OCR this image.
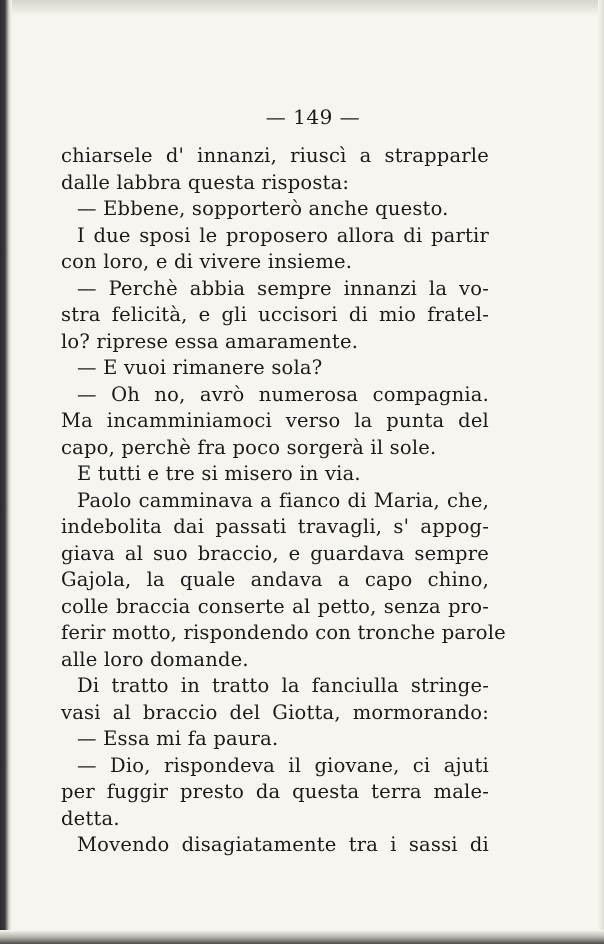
— 149 —
chiarsele d' innanzi, riuscì a strapparle
dalle labbra questa risposta:
— Ebbene, sopporterò anche questo.
I due sposi le proposero allora di partir
con loro, e di vivere insieme.
— Perchè abbia sempre innanzi la vo-
stra felicità, e gli uccisori di mio fratel-
lo? riprese essa amaramente.
— E vuoi rimanere sola?
— Oh no, avrò numerosa compagnia.
Ma incamminiamoci verso la punta del
capo, perchè fra poco sorgerà il sole.
E tutti e tre si misero in via.
Paolo camminava a fianco di Maria, che,
indebolita dai passati travagli, s' appog-
giava al suo braccio, e guardava sempre
Gajola, la quale andava a capo chino,
colle braccia conserte al petto, senza pro-
ferir motto, rispondendo con tronche parole
alle loro domande.
Di tratto in tratto la fanciulla stringe-
vasi al braccio del Giotta, mormorando:
— Essa mi fa paura.
— Dio, rispondeva il giovane, ci ajuti
per fuggir presto da questa terra male-
detta.
Movendo disagiatamente tra i sassi di
